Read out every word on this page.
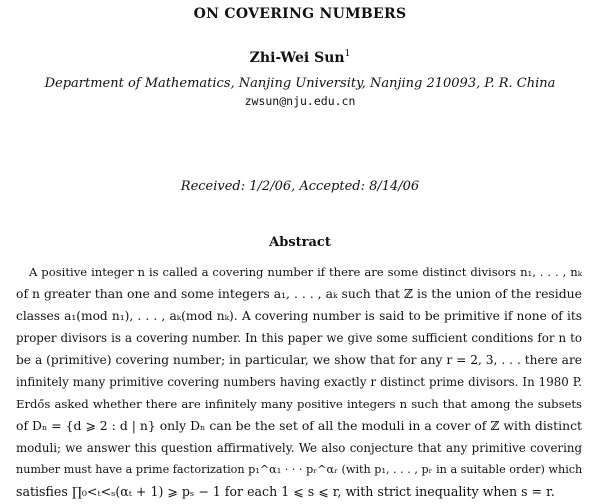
ON COVERING NUMBERS
Zhi-Wei Sun$^1$
Department of Mathematics, Nanjing University, Nanjing 210093, P. R. China
zwsun@nju.edu.cn
Received: 1/2/06, Accepted: 8/14/06
Abstract
A positive integer n is called a covering number if there are some distinct divisors n₁, . . . , nₖ
of n greater than one and some integers a₁, . . . , aₖ such that ℤ is the union of the residue
classes a₁(mod n₁), . . . , aₖ(mod nₖ). A covering number is said to be primitive if none of its
proper divisors is a covering number. In this paper we give some sufficient conditions for n to
be a (primitive) covering number; in particular, we show that for any r = 2, 3, . . . there are
infinitely many primitive covering numbers having exactly r distinct prime divisors. In 1980 P.
Erdős asked whether there are infinitely many positive integers n such that among the subsets
of Dₙ = {d ⩾ 2 : d | n} only Dₙ can be the set of all the moduli in a cover of ℤ with distinct
moduli; we answer this question affirmatively. We also conjecture that any primitive covering
number must have a prime factorization p₁^α₁ · · · pᵣ^αᵣ (with p₁, . . . , pᵣ in a suitable order) which
satisfies ∏₀<ₜ<ₛ(αₜ + 1) ⩾ pₛ − 1 for each 1 ⩽ s ⩽ r, with strict inequality when s = r.
